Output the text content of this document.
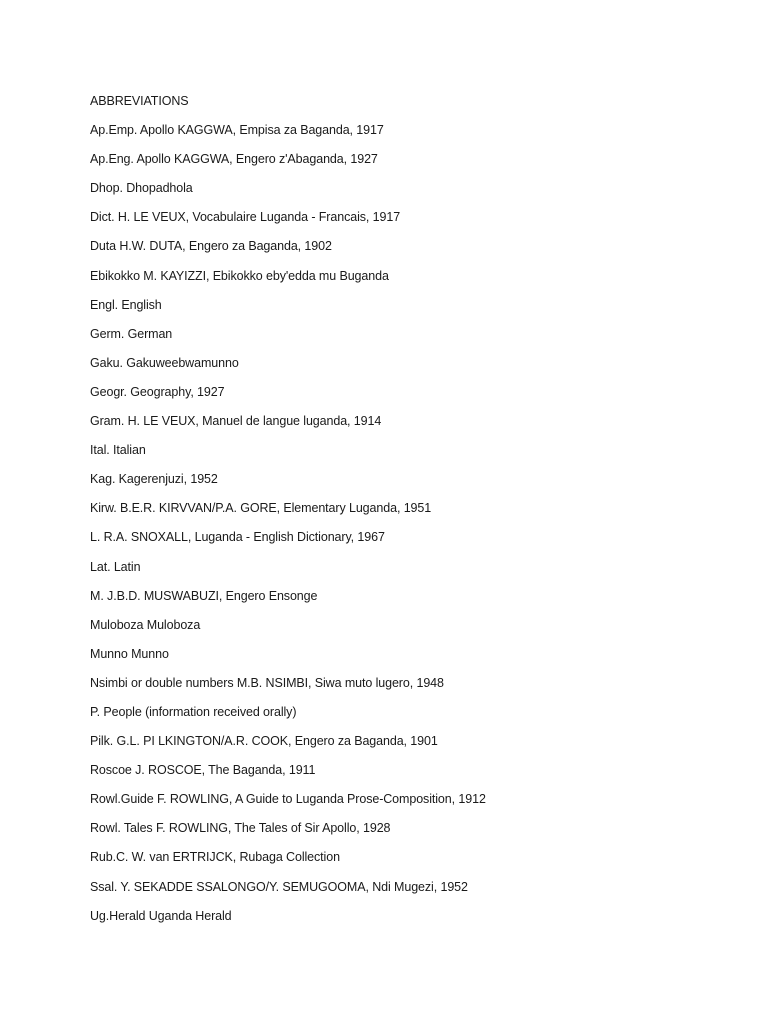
ABBREVIATIONS
Ap.Emp. Apollo KAGGWA, Empisa za Baganda, 1917
Ap.Eng. Apollo KAGGWA, Engero z'Abaganda, 1927
Dhop. Dhopadhola
Dict. H. LE VEUX, Vocabulaire Luganda - Francais, 1917
Duta H.W. DUTA, Engero za Baganda, 1902
Ebikokko M. KAYIZZI, Ebikokko eby'edda mu Buganda
Engl. English
Germ. German
Gaku. Gakuweebwamunno
Geogr. Geography, 1927
Gram. H. LE VEUX, Manuel de langue luganda, 1914
Ital. Italian
Kag. Kagerenjuzi, 1952
Kirw. B.E.R. KIRVVAN/P.A. GORE, Elementary Luganda, 1951
L. R.A. SNOXALL, Luganda - English Dictionary, 1967
Lat. Latin
M. J.B.D. MUSWABUZI, Engero Ensonge
Muloboza Muloboza
Munno Munno
Nsimbi or double numbers M.B. NSIMBI, Siwa muto lugero, 1948
P. People (information received orally)
Pilk. G.L. PI LKINGTON/A.R. COOK, Engero za Baganda, 1901
Roscoe J. ROSCOE, The Baganda, 1911
Rowl.Guide F. ROWLING, A Guide to Luganda Prose-Composition, 1912
Rowl. Tales F. ROWLING, The Tales of Sir Apollo, 1928
Rub.C. W. van ERTRIJCK, Rubaga Collection
Ssal. Y. SEKADDE SSALONGO/Y. SEMUGOOMA, Ndi Mugezi, 1952
Ug.Herald Uganda Herald
